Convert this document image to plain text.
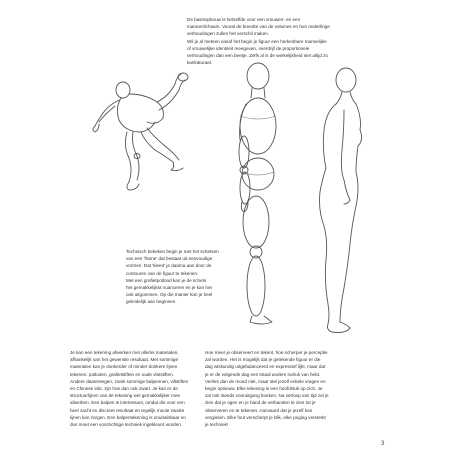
De basisopbouw is hetzelfde voor een vrouwen- en een
mannenlichaam. Vooral de breedte van de volumes en hun onderlinge
verhoudingen zullen het verschil maken.
Wil je al meteen vanaf het begin je figuur een herkenbare mannelijke
of vrouwelijke identiteit meegeven, overdrijf de proportionele
verhoudingen dan een beetje. Zelfs al is de werkelijkheid niet altijd zo
karikaturaal.
Technisch bekeken begin je met het schetsen
van een 'frame' dat bestaat uit eenvoudige
vormen. Dat 'kleed' je daarna aan door de
contouren van de figuur te tekenen.
Met een grafietpotlood kan je de schets
het gemakkelijkst nuanceren en je kan het
ook uitgommen. Op die manier kan je heel
geleidelijk aan beginnen.
Je kan een tekening afwerken met allerlei materialen,
afhankelijk van het gewenste resultaat. Met sommige
materialen kan je donkerder of minder donkere lijnen
tekenen: potloden, grafietstiften en oude vlotstiften.
Andere daarentegen, zoals sommige balpennen, viltstiften
en Chinese inkt, zijn hoe dan ook zwart. Je kan er de
structuurlijnen van de tekening wel gemakkelijker mee
afwerken. Een balpen is interessant, omdat die voor een
heel zacht en discreet resultaat en tegelijk mooie zwarte
lijnen kan zorgen. Een balpentekening is onuitwisbaar en
dus moet een voorzichtige techniek ingekleurd worden.
Hoe meer je observeert en tekent, hoe scherper je perceptie
zal worden. Het is mogelijk dat je getekende figuur er die
dag wiskundig uitgebalanceerd en expressief lijkt, maar dat
je er de volgende dag een totaal andere indruk van hebt.
Verlies dan de moed niet, maar stel jezelf enkele vragen en
begin opnieuw. Elke tekening is een hoofdstuk op zich. Je
zal ook steeds vooruitgang boeken. Na verloop van tijd zal je
zien dat je ogen en je hand de verbanden te zien tot je
observeren en te tekenen. Aanvaard dat je jezelf kan
vergissen. Elke fout verscherpt je blik, elke poging versterkt
je techniek!
3
